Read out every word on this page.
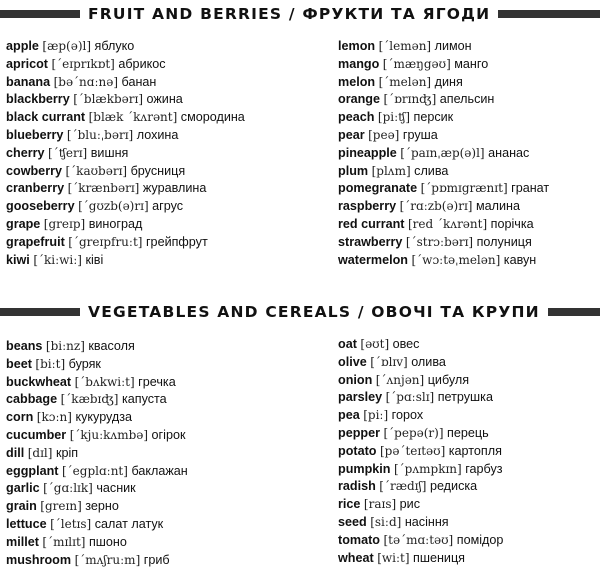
FRUIT AND BERRIES / ФРУКТИ ТА ЯГОДИ
apple [æp(ə)l] яблуко
apricot [ˊeɪprɪkɒt] абрикос
banana [bəˊnɑːnə] банан
blackberry [ˊblækbərɪ] ожина
black currant [blæk ˊkʌrənt] смородина
blueberry [ˊbluːˌbərɪ] лохина
cherry [ˊʧerɪ] вишня
cowberry [ˊkaʊbərɪ] брусниця
cranberry [ˊkrænbərɪ] журавлина
gooseberry [ˊgʊzb(ə)rɪ] агрус
grape [greɪp] виноград
grapefruit [ˊgreɪpfruːt] грейпфрут
kiwi [ˊkiːwiː] ківі
lemon [ˊlemən] лимон
mango [ˊmæŋgəʊ] манго
melon [ˊmelən] диня
orange [ˊɒrɪnʤ] апельсин
peach [piːʧ] персик
pear [peə] груша
pineapple [ˊpaɪnˌæp(ə)l] ананас
plum [plʌm] слива
pomegranate [ˊpɒmɪgrænɪt] гранат
raspberry [ˊrɑːzb(ə)rɪ] малина
red currant [red ˊkʌrənt] порічка
strawberry [ˊstrɔːbərɪ] полуниця
watermelon [ˊwɔːtəˌmelən] кавун
VEGETABLES AND CEREALS / ОВОЧІ ТА КРУПИ
beans [biːnz] квасоля
beet [biːt] буряк
buckwheat [ˊbʌkwiːt] гречка
cabbage [ˊkæbɪʤ] капуста
corn [kɔːn] кукурудза
cucumber [ˊkjuːkʌmbə] огірок
dill [dɪl] кріп
eggplant [ˊegplɑːnt] баклажан
garlic [ˊgɑːlɪk] часник
grain [greɪn] зерно
lettuce [ˊletɪs] салат латук
millet [ˊmɪlɪt] пшоно
mushroom [ˊmʌʃruːm] гриб
oat [əʊt] овес
olive [ˊɒlɪv] олива
onion [ˊʌnjən] цибуля
parsley [ˊpɑːslɪ] петрушка
pea [piː] горох
pepper [ˊpepə(r)] перець
potato [pəˊteɪtəʊ] картопля
pumpkin [ˊpʌmpkɪn] гарбуз
radish [ˊrædɪʃ] редиска
rice [raɪs] рис
seed [siːd] насіння
tomato [təˊmɑːtəʊ] помідор
wheat [wiːt] пшениця
